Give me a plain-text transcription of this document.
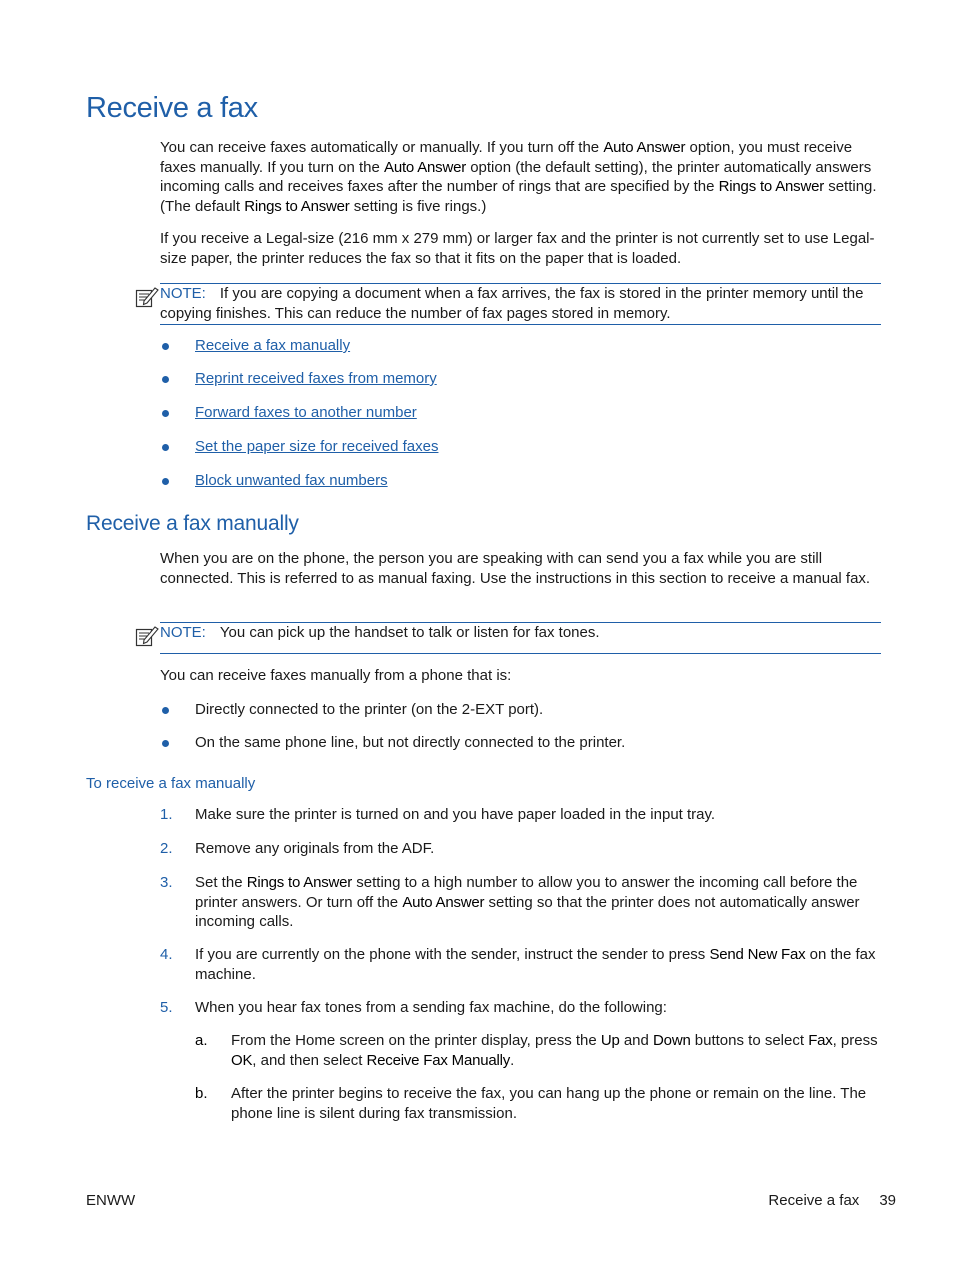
Receive a fax

You can receive faxes automatically or manually. If you turn off the Auto Answer option, you must receive faxes manually. If you turn on the Auto Answer option (the default setting), the printer automatically answers incoming calls and receives faxes after the number of rings that are specified by the Rings to Answer setting. (The default Rings to Answer setting is five rings.)

If you receive a Legal-size (216 mm x 279 mm) or larger fax and the printer is not currently set to use Legal-size paper, the printer reduces the fax so that it fits on the paper that is loaded.

NOTE: If you are copying a document when a fax arrives, the fax is stored in the printer memory until the copying finishes. This can reduce the number of fax pages stored in memory.

Receive a fax manually
Reprint received faxes from memory
Forward faxes to another number
Set the paper size for received faxes
Block unwanted fax numbers
Receive a fax manually

When you are on the phone, the person you are speaking with can send you a fax while you are still connected. This is referred to as manual faxing. Use the instructions in this section to receive a manual fax.

NOTE: You can pick up the handset to talk or listen for fax tones.

You can receive faxes manually from a phone that is:

Directly connected to the printer (on the 2-EXT port).
On the same phone line, but not directly connected to the printer.
To receive a fax manually
1.	Make sure the printer is turned on and you have paper loaded in the input tray.

2.	Remove any originals from the ADF.

3.	Set the Rings to Answer setting to a high number to allow you to answer the incoming call before the printer answers. Or turn off the Auto Answer setting so that the printer does not automatically answer incoming calls.

4.	If you are currently on the phone with the sender, instruct the sender to press Send New Fax on the fax machine.

5.	When you hear fax tones from a sending fax machine, do the following:

a.	From the Home screen on the printer display, press the Up and Down buttons to select Fax, press OK, and then select Receive Fax Manually.

b.	After the printer begins to receive the fax, you can hang up the phone or remain on the line. The phone line is silent during fax transmission.

ENWW	Receive a fax 39
